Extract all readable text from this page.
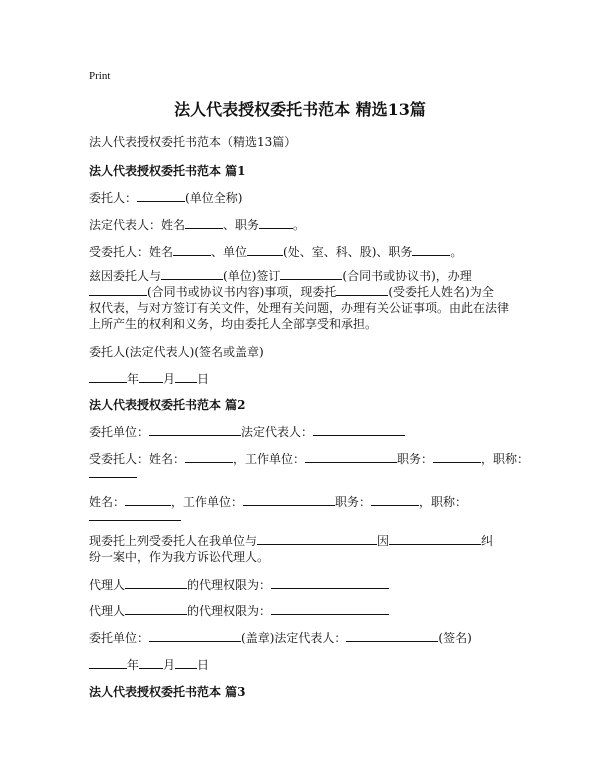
Print
法人代表授权委托书范本 精选13篇
法人代表授权委托书范本（精选13篇）
法人代表授权委托书范本 篇1
委托人：	(单位全称)
法定代表人：姓名	、职务	。
受委托人：姓名	、单位	(处、室、科、股)、职务	。
兹因委托人与	(单位)签订	(合同书或协议书)，办理
(合同书或协议书内容)事项，现委托	(受委托人姓名)为全
权代表，与对方签订有关文件，处理有关问题，办理有关公证事项。由此在法律
上所产生的权利和义务，均由委托人全部享受和承担。
委托人(法定代表人)(签名或盖章)
年 月 日
法人代表授权委托书范本 篇2
委托单位：	法定代表人：
受委托人：姓名：	，工作单位：	职务：	，职称：
姓名：	，工作单位：	职务：	，职称：
现委托上列受委托人在我单位与	因	纠
纷一案中，作为我方诉讼代理人。
代理人	的代理权限为：
代理人	的代理权限为：
委托单位：	(盖章)法定代表人：	(签名)
年 月 日
法人代表授权委托书范本 篇3
